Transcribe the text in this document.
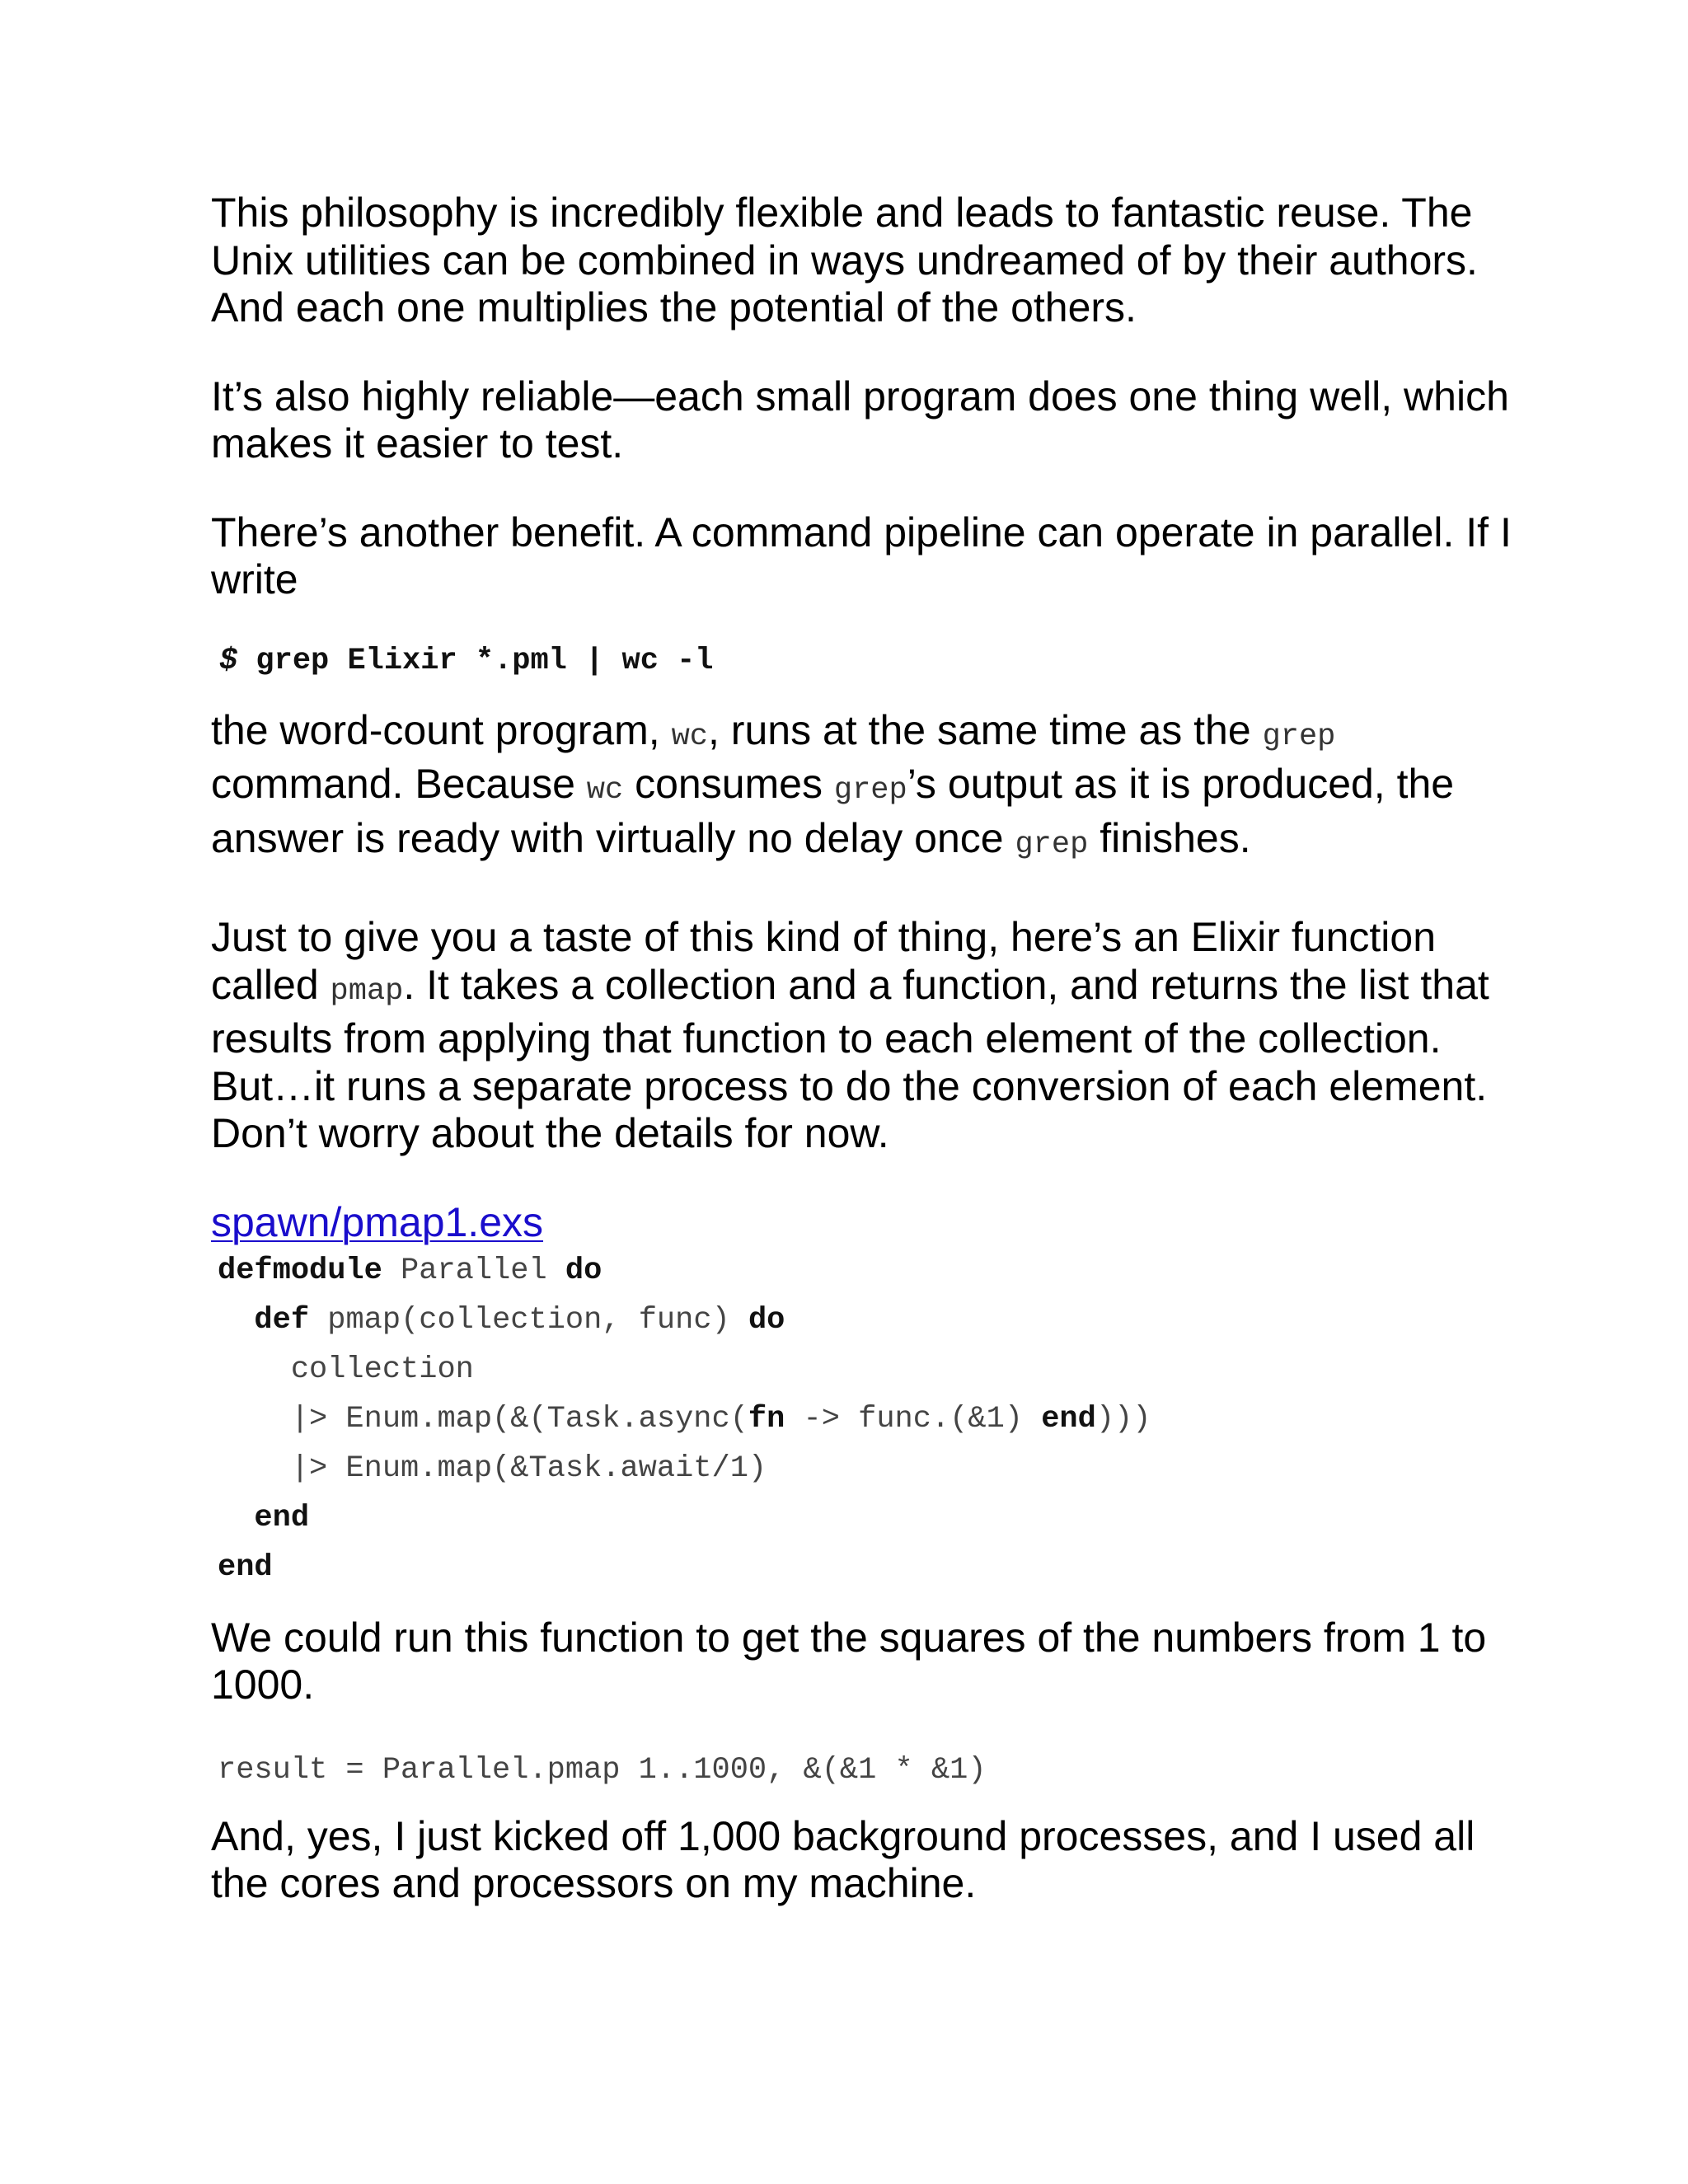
This philosophy is incredibly flexible and leads to fantastic reuse. The Unix utilities can be combined in ways undreamed of by their authors. And each one multiplies the potential of the others.

It’s also highly reliable—each small program does one thing well, which makes it easier to test.

There’s another benefit. A command pipeline can operate in parallel. If I write

$ grep Elixir *.pml | wc -l

the word-count program, wc, runs at the same time as the grep command. Because wc consumes grep’s output as it is produced, the answer is ready with virtually no delay once grep finishes.

Just to give you a taste of this kind of thing, here’s an Elixir function called pmap. It takes a collection and a function, and returns the list that results from applying that function to each element of the collection. But…it runs a separate process to do the conversion of each element. Don’t worry about the details for now.

spawn/pmap1.exs
defmodule Parallel do
def pmap(collection, func) do
collection
|> Enum.map(&(Task.async(fn -> func.(&1) end)))
|> Enum.map(&Task.await/1)
end
end

We could run this function to get the squares of the numbers from 1 to 1000.

result = Parallel.pmap 1..1000, &(&1 * &1)

And, yes, I just kicked off 1,000 background processes, and I used all the cores and processors on my machine.
